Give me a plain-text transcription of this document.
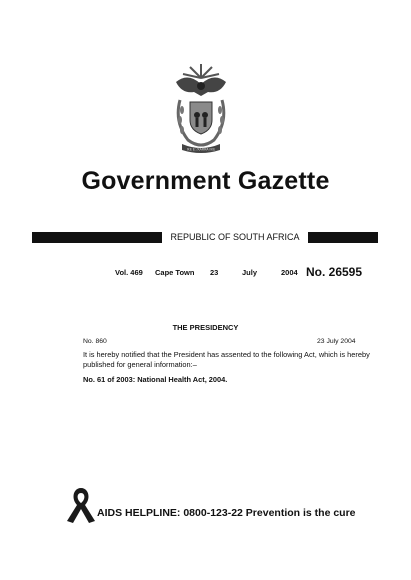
!KE E: /XARRA //KE
Government Gazette
REPUBLIC OF SOUTH AFRICA
Vol. 469 Cape Town 23	July	2004 No. 26595
THE PRESIDENCY
No. 860	23 July 2004
It is hereby notified that the President has assented to the following Act, which is hereby published for general information:–
No. 61 of 2003: National Health Act, 2004.
AIDS HELPLINE: 0800-123-22 Prevention is the cure
